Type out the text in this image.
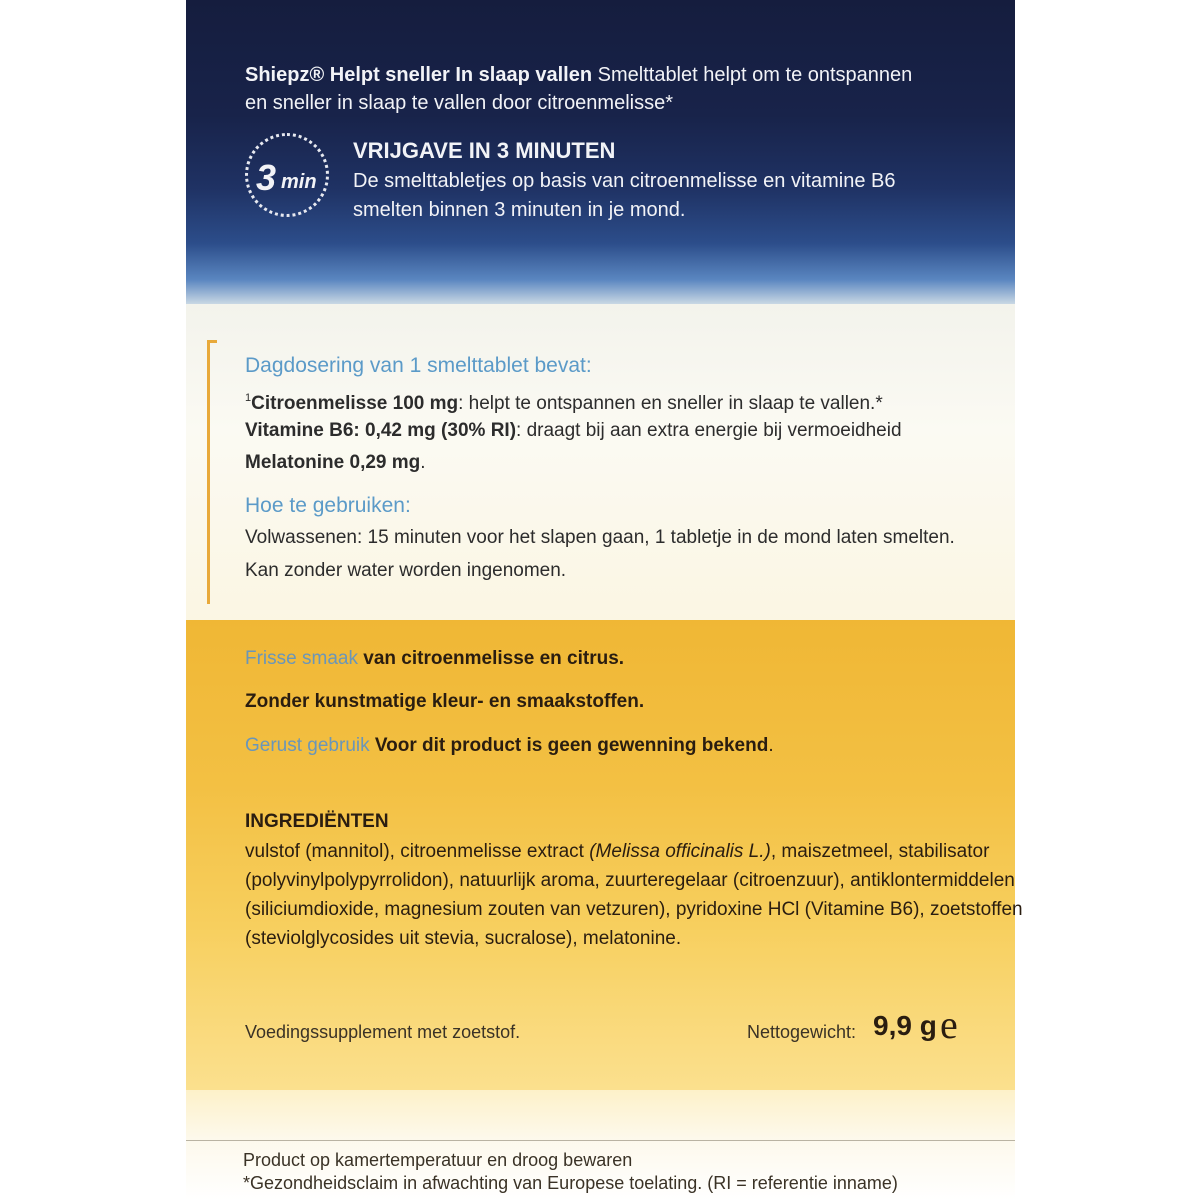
Shiepz® Helpt sneller In slaap vallen Smelttablet helpt om te ontspannen

en sneller in slaap te vallen door citroenmelisse*

3 min

VRIJGAVE IN 3 MINUTEN

De smelttabletjes op basis van citroenmelisse en vitamine B6

smelten binnen 3 minuten in je mond.

Dagdosering van 1 smelttablet bevat:

$^1$Citroenmelisse 100 mg: helpt te ontspannen en sneller in slaap te vallen.*

Vitamine B6: 0,42 mg (30% RI): draagt bij aan extra energie bij vermoeidheid

Melatonine 0,29 mg.

Hoe te gebruiken:

Volwassenen: 15 minuten voor het slapen gaan, 1 tabletje in de mond laten smelten.

Kan zonder water worden ingenomen.

Frisse smaak van citroenmelisse en citrus.

Zonder kunstmatige kleur- en smaakstoffen.

Gerust gebruik Voor dit product is geen gewenning bekend.

INGREDIËNTEN

vulstof (mannitol), citroenmelisse extract (Melissa officinalis L.), maiszetmeel, stabilisator

(polyvinylpolypyrrolidon), natuurlijk aroma, zuurteregelaar (citroenzuur), antiklontermiddelen

(siliciumdioxide, magnesium zouten van vetzuren), pyridoxine HCl (Vitamine B6), zoetstoffen

(steviolglycosides uit stevia, sucralose), melatonine.

Voedingssupplement met zoetstof.	Nettogewicht: 9,9 g e

Product op kamertemperatuur en droog bewaren

*Gezondheidsclaim in afwachting van Europese toelating. (RI = referentie inname)
